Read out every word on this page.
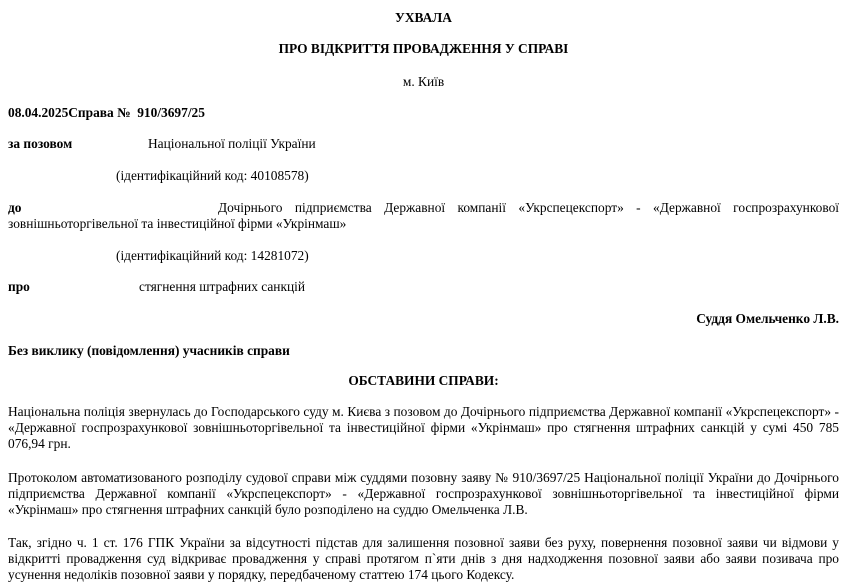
УХВАЛА
ПРО ВІДКРИТТЯ ПРОВАДЖЕННЯ У СПРАВІ
м. Київ
08.04.2025Справа № 910/3697/25
за позовом	Національної поліції України
(ідентифікаційний код: 40108578)
до	Дочірнього підприємства Державної компанії «Укрспецекспорт» - «Державної госпрозрахункової зовнішньоторгівельної та інвестиційної фірми «Укрінмаш»
(ідентифікаційний код: 14281072)
про	стягнення штрафних санкцій
Суддя Омельченко Л.В.
Без виклику (повідомлення) учасників справи
ОБСТАВИНИ СПРАВИ:
Національна поліція звернулась до Господарського суду м. Києва з позовом до Дочірнього підприємства Державної компанії «Укрспецекспорт» - «Державної госпрозрахункової зовнішньоторгівельної та інвестиційної фірми «Укрінмаш» про стягнення штрафних санкцій у сумі 450 785 076,94 грн.
Протоколом автоматизованого розподілу судової справи між суддями позовну заяву № 910/3697/25 Національної поліції України до Дочірнього підприємства Державної компанії «Укрспецекспорт» - «Державної госпрозрахункової зовнішньоторгівельної та інвестиційної фірми «Укрінмаш» про стягнення штрафних санкцій було розподілено на суддю Омельченка Л.В.
Так, згідно ч. 1 ст. 176 ГПК України за відсутності підстав для залишення позовної заяви без руху, повернення позовної заяви чи відмови у відкритті провадження суд відкриває провадження у справі протягом п`яти днів з дня надходження позовної заяви або заяви позивача про усунення недоліків позовної заяви у порядку, передбаченому статтею 174 цього Кодексу.
